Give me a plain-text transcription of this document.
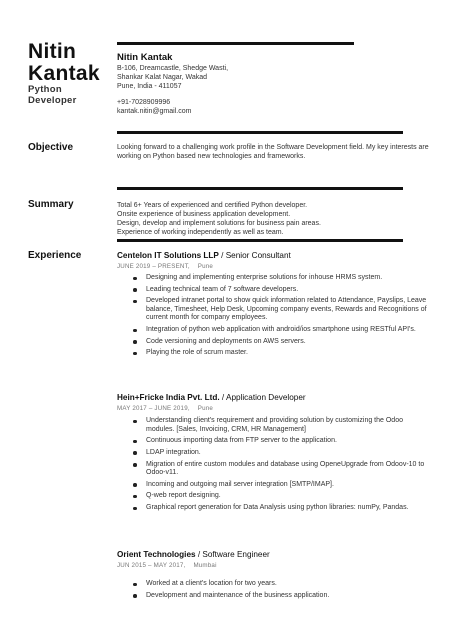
Nitin
Kantak
Python
Developer
Nitin Kantak
B-106, Dreamcastle, Shedge Wasti,
Shankar Kalat Nagar, Wakad
Pune, India - 411057
+91-7028909996
kantak.nitin@gmail.com
Objective	Looking forward to a challenging work profile in the Software Development field. My key interests are working on Python based new technologies and frameworks.
Summary	Total 6+ Years of experienced and certified Python developer.
Onsite experience of business application development.
Design, develop and implement solutions for business pain areas.
Experience of working independently as well as team.
Experience	Centelon IT Solutions LLP / Senior Consultant
JUNE 2019 – PRESENT, Pune
Designing and implementing enterprise solutions for inhouse HRMS system.
Leading technical team of 7 software developers.
Developed intranet portal to show quick information related to Attendance, Payslips, Leave balance, Timesheet, Help Desk, Upcoming company events, Rewards and Recognitions of current month for company employees.
Integration of python web application with android/ios smartphone using RESTful API's.
Code versioning and deployments on AWS servers.
Playing the role of scrum master.
Hein+Fricke India Pvt. Ltd. / Application Developer
MAY 2017 – JUNE 2019, Pune
Understanding client's requirement and providing solution by customizing the Odoo modules. [Sales, Invoicing, CRM, HR Management]
Continuous importing data from FTP server to the application.
LDAP integration.
Migration of entire custom modules and database using OpeneUpgrade from Odoov-10 to Odoo-v11.
Incoming and outgoing mail server integration [SMTP/IMAP].
Q-web report designing.
Graphical report generation for Data Analysis using python libraries: numPy, Pandas.
Orient Technologies / Software Engineer
JUN 2015 – MAY 2017, Mumbai
Worked at a client's location for two years.
Development and maintenance of the business application.
